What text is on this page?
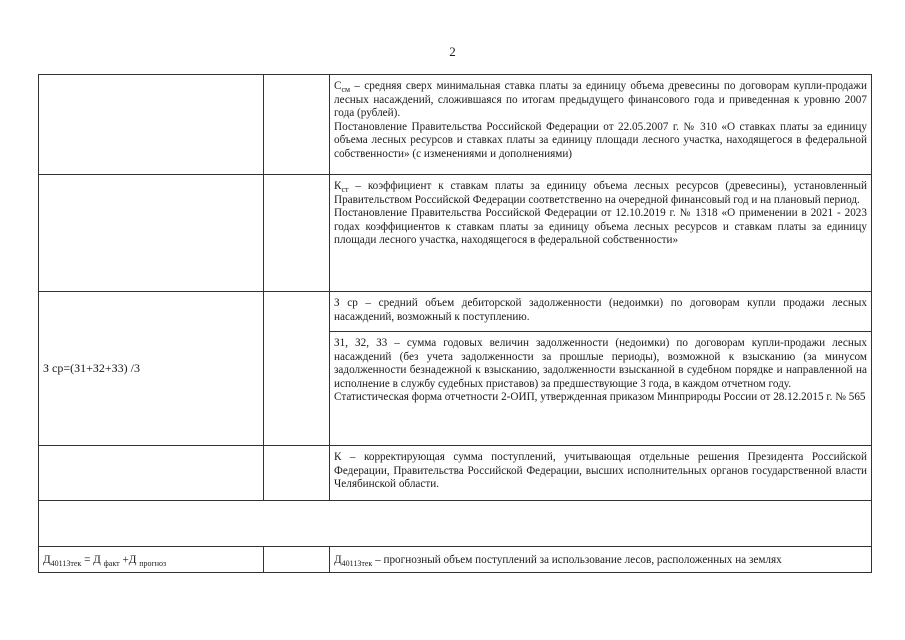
2

		$С_{см}$ – средняя сверх минимальная ставка платы за единицу объема древесины по договорам купли-продажи лесных насаждений, сложившаяся по итогам предыдущего финансового года и приведенная к уровню 2007 года (рублей).

Постановление Правительства Российской Федерации от 22.05.2007 г. № 310 «О ставках платы за единицу объема лесных ресурсов и ставках платы за единицу площади лесного участка, находящегося в федеральной собственности» (с изменениями и дополнениями)

		$К_{ст}$ – коэффициент к ставкам платы за единицу объема лесных ресурсов (древесины), установленный Правительством Российской Федерации соответственно на очередной финансовый год и на плановый период.

Постановление Правительства Российской Федерации от 12.10.2019 г. № 1318 «О применении в 2021 - 2023 годах коэффициентов к ставкам платы за единицу объема лесных ресурсов и ставкам платы за единицу площади лесного участка, находящегося в федеральной собственности»

З ср=(З1+З2+З3) /3		З ср – средний объем дебиторской задолженности (недоимки) по договорам купли продажи лесных насаждений, возможный к поступлению.

		З1, З2, З3 – сумма годовых величин задолженности (недоимки) по договорам купли-продажи лесных насаждений (без учета задолженности за прошлые периоды), возможной к взысканию (за минусом задолженности безнадежной к взысканию, задолженности взысканной в судебном порядке и направленной на исполнение в службу судебных приставов) за предшествующие 3 года, в каждом отчетном году.

Статистическая форма отчетности 2-ОИП, утвержденная приказом Минприроды России от 28.12.2015 г. № 565

		К – корректирующая сумма поступлений, учитывающая отдельные решения Президента Российской Федерации, Правительства Российской Федерации, высших исполнительных органов государственной власти Челябинской области.

$Д_{40113тек} = Д$ $_{факт}$ +Д $_{прогноз}$		$Д_{40113тек}$ – прогнозный объем поступлений за использование лесов, расположенных на землях
